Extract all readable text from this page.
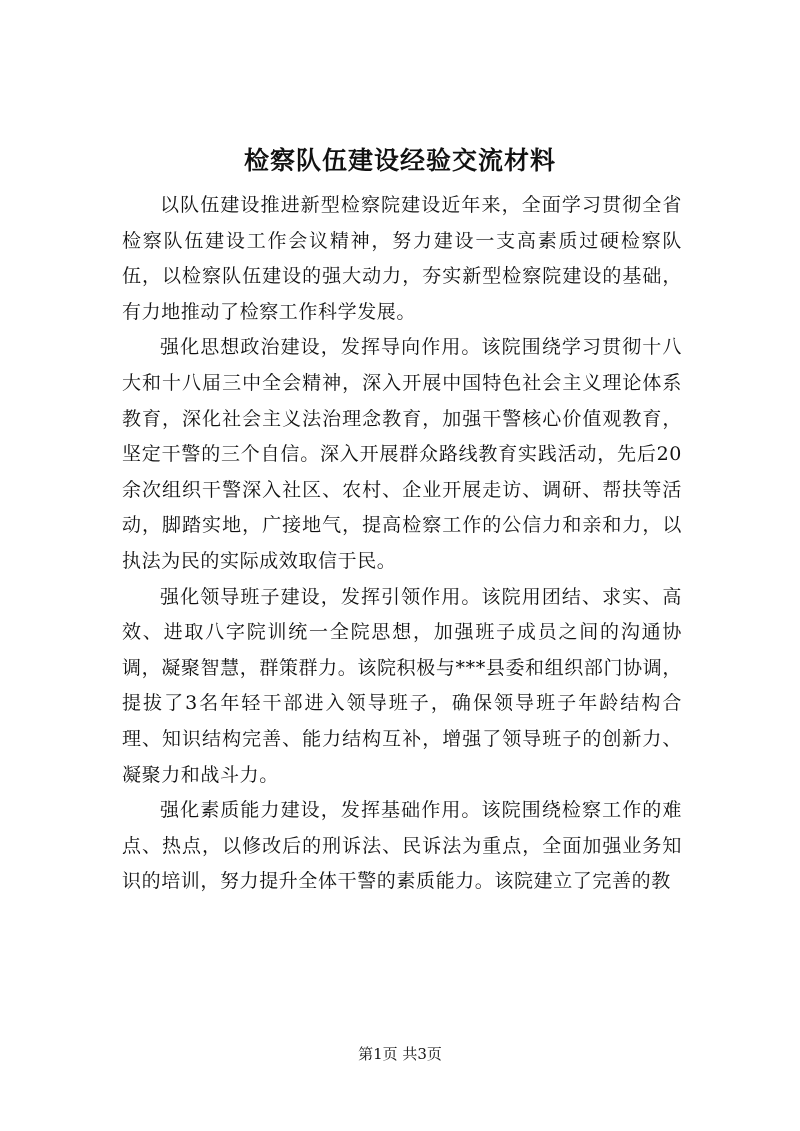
检察队伍建设经验交流材料

以队伍建设推进新型检察院建设近年来，全面学习贯彻全省检察队伍建设工作会议精神，努力建设一支高素质过硬检察队伍，以检察队伍建设的强大动力，夯实新型检察院建设的基础，有力地推动了检察工作科学发展。

强化思想政治建设，发挥导向作用。该院围绕学习贯彻十八大和十八届三中全会精神，深入开展中国特色社会主义理论体系教育，深化社会主义法治理念教育，加强干警核心价值观教育，坚定干警的三个自信。深入开展群众路线教育实践活动，先后20余次组织干警深入社区、农村、企业开展走访、调研、帮扶等活动，脚踏实地，广接地气，提高检察工作的公信力和亲和力，以执法为民的实际成效取信于民。

强化领导班子建设，发挥引领作用。该院用团结、求实、高效、进取八字院训统一全院思想，加强班子成员之间的沟通协调，凝聚智慧，群策群力。该院积极与***县委和组织部门协调，提拔了3名年轻干部进入领导班子，确保领导班子年龄结构合理、知识结构完善、能力结构互补，增强了领导班子的创新力、凝聚力和战斗力。

强化素质能力建设，发挥基础作用。该院围绕检察工作的难点、热点，以修改后的刑诉法、民诉法为重点，全面加强业务知识的培训，努力提升全体干警的素质能力。该院建立了完善的教

第1页 共3页
